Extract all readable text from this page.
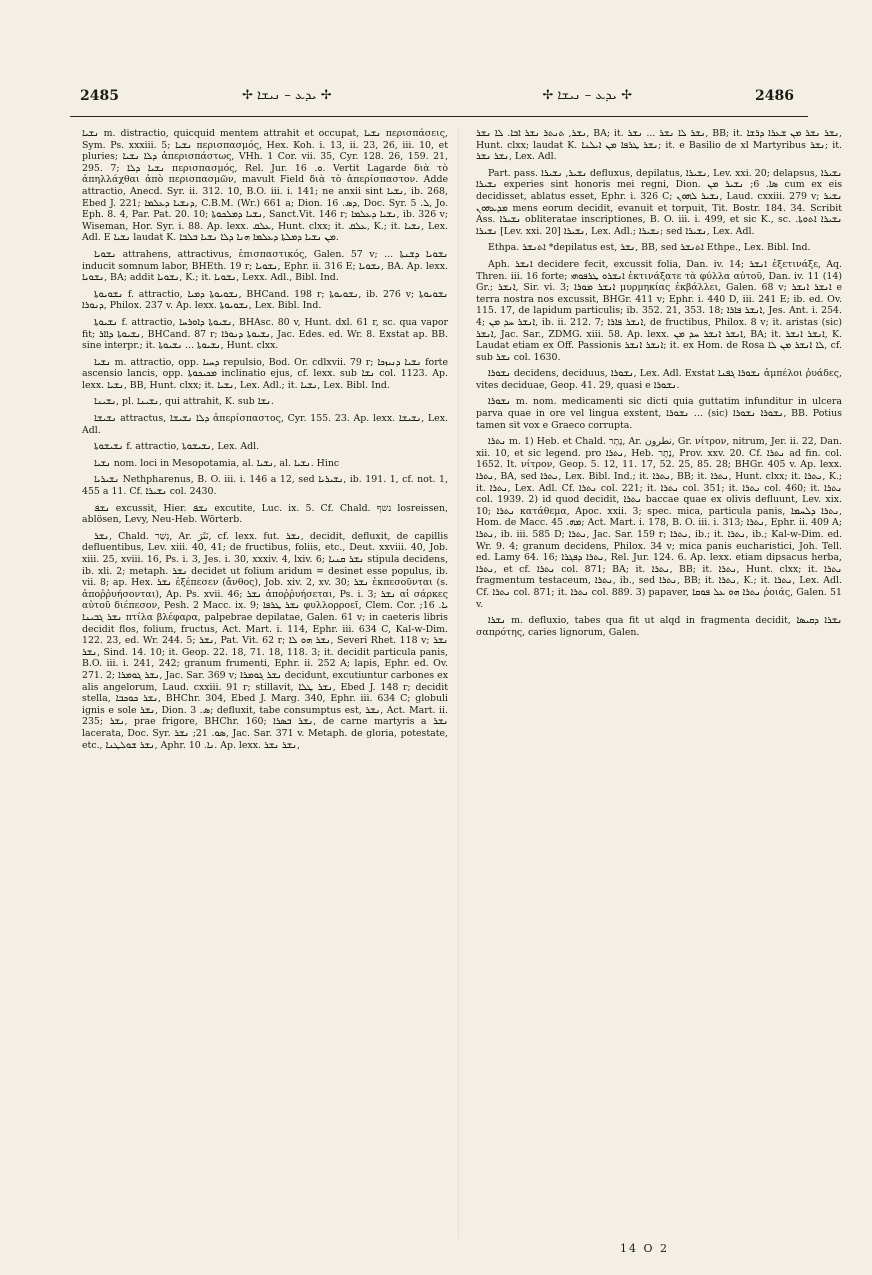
2485	✢ ܝܕܥ – ܢܝܫܐ ✢	✢ ܝܕܥ – ܢܝܫܐ ✢	2486

ܢܫܝܐ m. distractio, quicquid mentem attrahit et occupat, ܢܫܝܐ περισπάσεις, Sym. Ps. xxxiii. 5; ܢܫܝܐ περισπασμός, Hex. Koh. i. 13, ii. 23, 26, iii. 10, et pluries; ܕܠܐ ܢܫܝܐ ἀπερισπάστως, VHh. 1 Cor. vii. 35, Cyr. 128. 26, 159. 21, 295. 7; ܢܫܝܐ ܕܠܐ περισπασμός, Rel. Jur. ܘ. 16. Vertit Lagarde διὰ τὸ ἀπηλλάχθαι ἀπὸ περισπασμῶν, mavult Field διὰ τὸ ἀπερίσπαστον. Adde attractio, Anecd. Syr. ii. 312. 10, B.O. iii. i. 141; ne anxii sint ܢܫܝܐ, ib. 268, Ebed J. 221; ܕܢܫܝܐ ܕܥܠܡܐ, C.B.M. (Wr.) 661 a; Dion. ܕܣ. 16, Doc. Syr. ܠ. 5, Jo. Eph. 8. 4, Par. Pat. 20. 10; ܢܫܝܐ ܕܡܠܟܘܬܐ, Sanct.Vit. 146 r; ܢܫܝܐ ܕܥܠܡܐ, ib. 326 v; Wiseman, Hor. Syr. i. 88. Ap. lexx. ܥܠܩ, Hunt. clxx; it. ܥܠܩ, K.; it. ܢܫܝܐ, Lex. Adl. E ܢܫܝܐ laudat K. ܡܢ ܢܫܝܐ ܕܡܠܬܐ ܕܥܠܡܐ ܗܢܐ ܕܠܐ ܢܫܝܐ ܒܠܒܐ.

ܢܫܘܝܐ attrahens, attractivus, ἑπισπαστικός, Galen. 57 v; ... ܢܫܘܝܐ ܕܫܢܬܐ inducit somnum labor, BHEth. 19 r; ܢܫܘܝܐ, Ephr. ii. 316 E; ܢܫܘܝܐ, BA. Ap. lexx. ܢܫܘܝܐ, BA; addit ܢܫܘܝܐ, K.; it. ܢܫܘܝܐ, Lexx. Adl., Bibl. Ind.

ܢܫܘܝܘܬܐ f. attractio, ܢܫܘܝܘܬܐ ܕܡܝܐ, BHCand. 198 r; ܢܫܘܝܘܬܐ, ib. 276 v; ܢܫܘܝܘܬܐ ܕܢܘܪܐ, Philox. 237 v. Ap. lexx. ܢܫܘܝܘܬܐ, Lex. Bibl. Ind.

ܢܫܝܘܬܐ f. attractio, ܢܫܝܘܬܐ ܕܐܘܪܚܐ, BHAsc. 80 v, Hunt. dxl. 61 r, sc. qua vapor fit; ܢܫܝܘܬܐ ܕܐܐܪ, BHCand. 87 r; ܢܫܝܘܬܐ ܕܢܘܪܐ, Jac. Edes. ed. Wr. 8. Exstat ap. BB. sine interpr.; it. ܢܫܝܘܬܐ ... ܢܫܝܘܬܐ, Hunt. clxx.

ܢܫܝܐ m. attractio, opp. ܕܚܝܐ repulsio, Bod. Or. cdlxvii. 79 r; ܢܫܝܐ ܕܢܝܙܟܐ forte ascensio lancis, opp. ܡܟܝܟܘܬܐ inclinatio ejus, cf. lexx. sub ܢܫܐ col. 1123. Ap. lexx. ܢܫܝܐ, BB, Hunt. clxx; it. ܢܫܝܐ, Lex. Adl.; it. ܢܫܝܐ, Lex. Bibl. Ind.

ܢܫܝܢܐ, pl. ܢܫܝܢܐ, qui attrahit, K. sub ܢܫܐ.

ܢܫܝܫܐ attractus, ܕܠܐ ܢܫܝܫܐ ἀπερίσπαστος, Cyr. 155. 23. Ap. lexx. ܢܫܝܫܐ, Lex. Adl.

ܢܫܝܫܘܬܐ f. attractio, ܢܫܝܫܘܬܐ, Lex. Adl.

ܢܫܝܐ nom. loci in Mesopotamia, al. ܢܫܝܐ, al. ܢܫܝܐ. Hinc

ܢܫܝܪܝܐ Nethpharenus, B. O. iii. i. 146 a 12, sed ܢܫܝܪܝܐ, ib. 191. 1, cf. not. 1, 455 a 11. Cf. ܢܫܝܪܐ col. 2430.

ܢܫܦ excussit, Hier. ܢܫܦ excutite, Luc. ix. 5. Cf. Chald. נשף losreissen, ablösen, Levy, Neu-Heb. Wörterb.

ܢܫܪ, Chald. נְשַׁר, Ar. نَثَرَ, cf. lexx. fut. ܢܫܪ, decidit, defluxit, de capillis defluentibus, Lev. xiii. 40, 41; de fructibus, foliis, etc., Deut. xxviii. 40, Job. xiii. 25, xviii. 16, Ps. i. 3, Jes. i. 30, xxxiv. 4, lxiv. 6; ܢܫܪ ܩܢܝܐ stipula decidens, ib. xli. 2; metaph. ܢܫܪ decidet ut folium aridum = desinet esse populus, ib. vii. 8; ap. Hex. ܢܫܪ ἐξέπεσεν (ἄνθος), Job. xiv. 2, xv. 30; ܢܫܪ ἐκπεσοῦνται (s. ἀποῤῥυήσονται), Ap. Ps. xvii. 46; ܢܫܪ ἀποῤῥυήσεται, Ps. i. 3; ܢܫܪ αἱ σάρκες αὐτοῦ διέπεσον, Pesh. 2 Macc. ix. 9; ܢܫܪ ܛܪܦܐ φυλλορροεῖ, Clem. Cor. ܝܐ. 16; ܢܫܪ ܓܒܝܢܐ πτίλα βλέφαρα, palpebrae depilatae, Galen. 61 v; in caeteris libris decidit flos, folium, fructus, Act. Mart. i. 114, Ephr. iii. 634 C, Kal-w-Dim. 122. 23, ed. Wr. 244. 5; ܢܫܪ, Pat. Vit. 62 r; ܢܫܪ ܗܘ ܠܐ, Severi Rhet. 118 v; ܢܫܪ ܢܫܪ, Sind. 14. 10; it. Geop. 22. 18, 71. 18, 118. 3; it. decidit particula panis, B.O. iii. i. 241, 242; granum frumenti, Ephr. ii. 252 A; lapis, Ephr. ed. Ov. 271. 2; ܢܫܪ ܓܘܡܪܐ, Jac. Sar. 369 v; ܢܫܪ ܓܘܡܪܐ decidunt, excutiuntur carbones ex alis angelorum, Laud. cxxiii. 91 r; stillavit, ܢܫܪ ܛܠܐ, Ebed J. 148 r; decidit stella, ܢܫܪ ܟܘܟܒܐ, BHChr. 304, Ebed J. Marg. 340, Ephr. iii. 634 C; globuli ignis e sole ܢܫܪ, Dion. ܣ. 3; defluxit, tabe consumptus est, ܢܫܪ, Act. Mart. ii. 235; ܢܫܪ, prae frigore, BHChr. 160; ܢܫܪ ܒܣܪܐ, de carne martyris a ܢܫܪ lacerata, Doc. Syr. ܣܘ. 21; ܢܫܪ, Jac. Sar. 371 v. Metaph. de gloria, potestate, etc., ܢܫܪ ܫܘܠܛܢܐ, Aphr. ܢܐ. 10. Ap. lexx. ܢܫܪ ܢܫܪ,

ܢܫܪ, ܬܢܬܪ ܢܫܪ ܐܒܐ. ܠܐ ܢܫܪ, BA; it. ܢܫܪ ܠܐ ܢܫܪ ... ܢܫܪ, BB; it. ܢܫܪ ܢܫܪ ܡܢ ܫܥܪܐ ܕܪܫܐ, Hunt. clxx; laudat K. ܢܫܪ ܛܪܦܐ ܡܢ ܐܝܠܢܐ; it. e Basilio de xl Martyribus ܢܫܪ; it. ܢܫܪ ܢܫܪ, Lex. Adl.

Part. pass. ܢܫܝܪ, ܢܫܝܪܐ defluxus, depilatus, ܢܫܝܪܐ, Lev. xxi. 20; delapsus, ܢܫܝܪܐ ܢܫܝܪܐ experies sint honoris mei regni, Dion. ܣܐ. 6; ܢܫܝܪ ܡܢ cum ex eis decidisset, ablatus esset, Ephr. i. 326 C; ܢܫܝܪ ܠܗܘܢ, Laud. cxxiii. 279 v; ܢܫܝܪ ܡܕܥܗܘܢ mens eorum decidit, evanuit et torpuit, Tit. Bostr. 184. 34. Scribit Ass. ܢܫܝܪܐ obliteratae inscriptiones, B. O. iii. i. 499, et sic K., sc. ܢܫܝܪܐ ܐܬܘܬܐ. ܢܫܝܪܐ [Lev. xxi. 20] ܢܫܝܪܐ, Lex. Adl.; ܢܫܝܪܐ; sed ܢܫܝܪܐ, Lex. Adl.

Ethpa. ܐܬܢܫܪ *depilatus est, ܢܫܪ, BB, sed ܐܬܢܫܪ Ethpe., Lex. Bibl. Ind.

Aph. ܐܢܫܪ decidere fecit, excussit folia, Dan. iv. 14; ܐܢܫܪ ἐξετινάξε, Aq. Thren. iii. 16 forte; ܐܢܫܪܘ ܛܪܦܘܗܝ ἐκτινάξατε τὰ φύλλα αὐτοῦ, Dan. iv. 11 (14) Gr.; ܐܢܫܪ, Sir. vi. 3; ܐܢܫܪ ܡܘܪܐ μυρμηκίας ἐκβάλλει, Galen. 68 v; ܐܢܫܪ ܐܢܫܪ e terra nostra nos excussit, BHGr. 411 v; Ephr. i. 440 D, iii. 241 E; ib. ed. Ov. 115. 17, de lapidum particulis; ib. 352. 21, 353. 18; ܐܢܫܪ ܦܐܪܐ, Jes. Ant. i. 254. 4; ܐܢܫܪ ܚܕ ܡܢ, ib. ii. 212. 7; ܐܢܫܪ ܦܐܪܐ, de fructibus, Philox. 8 v; it. aristas (sic) ܐܢܫܪ, Jac. Sar., ZDMG. xiii. 58. Ap. lexx. ܐܢܫܪ ܐܢܫܪ ܚܕ ܡܢ, BA; it. ܐܢܫܪ ܐܢܫܪ, K. Laudat etiam ex Off. Passionis ܐܢܫܪ ܐܢܫܪ; it. ex Hom. de Rosa ܠܐ ܐܢܫܪ ܡܢ ܠܐ, cf. sub ܢܫܪ col. 1630.

ܢܫܘܪܐ decidens, deciduus, ܢܫܘܪܐ, Lex. Adl. Exstat ܢܫܘܪܐ ܓܦܢܐ ἀμπέλοι ῥυάδες, vites deciduae, Geop. 41. 29, quasi e ܢܫܘܪܐ.

ܢܫܘܪܐ m. nom. medicamenti sic dicti quia guttatim infunditur in ulcera parva quae in ore vel lingua exstent, ܢܫܘܪܐ ... (sic) ܢܫܘܪܐ ܢܫܘܪܐ, BB. Potius tamen sit vox e Graeco corrupta.

ܢܬܪܐ m. 1) Heb. et Chald. נֶתֶר, Ar. نطرون, Gr. νίτρον, nitrum, Jer. ii. 22, Dan. xii. 10, et sic legend. pro ܢܬܪܐ, Heb. נֶתֶר, Prov. xxv. 20. Cf. ܢܬܪܐ ad fin. col. 1652. It. νίτρον, Geop. 5. 12, 11. 17, 52. 25, 85. 28; BHGr. 405 v. Ap. lexx. ܢܬܪܐ, BA, sed ܢܬܪܐ, Lex. Bibl. Ind.; it. ܢܬܪܐ, BB; it. ܢܬܪܐ, Hunt. clxx; it. ܢܬܪܐ, K.; it. ܢܬܪܐ, Lex. Adl. Cf. ܢܬܪܐ col. 221; it. ܢܬܪܐ col. 351; it. ܢܬܪܐ col. 460; it. ܢܬܪܐ col. 1939. 2) id quod decidit, ܢܬܪܐ baccae quae ex olivis defluunt, Lev. xix. 10; ܢܬܪܐ κατάθεμα, Apoc. xxii. 3; spec. mica, particula panis, ܢܬܪܐ ܕܠܚܡܐ, Hom. de Macc. ܡܗ. 45; Act. Mart. i. 178, B. O. iii. i. 313; ܢܬܪܐ, Ephr. ii. 409 A; ܢܬܪܐ, ib. iii. 585 D; ܢܬܪܐ, Jac. Sar. 159 r; ܢܬܪܐ, ib.; it. ܢܬܪܐ, ib.; Kal-w-Dim. ed. Wr. 9. 4; granum decidens, Philox. 34 v; mica panis eucharistici, Joh. Tell. ed. Lamy 64. 16; ܢܬܪܐ ܕܦܓܪܐ, Rel. Jur. 124. 6. Ap. lexx. etiam dipsacus herba, ܢܬܪܐ, et cf. ܢܬܪܐ col. 871; BA; it. ܢܬܪܐ, BB; it. ܢܬܪܐ, Hunt. clxx; it. ܢܬܪܐ fragmentum testaceum, ܢܬܪܐ, ib., sed ܢܬܪܐ, BB; it. ܢܬܪܐ, K.; it. ܢܬܪܐ, Lex. Adl. Cf. ܢܬܪܐ col. 871; it. ܢܬܪܐ col. 889. 3) papaver, ܢܬܪܐ ܗܘ ܥܠ ܦܘܩܐ ῥοιάς, Galen. 51 v.

ܢܫܪܐ m. defluxio, tabes qua fit ut alqd in fragmenta decidit, ܢܫܪܐ ܕܩܝܣܐ σαπρότης, caries lignorum, Galen.

14 O 2
